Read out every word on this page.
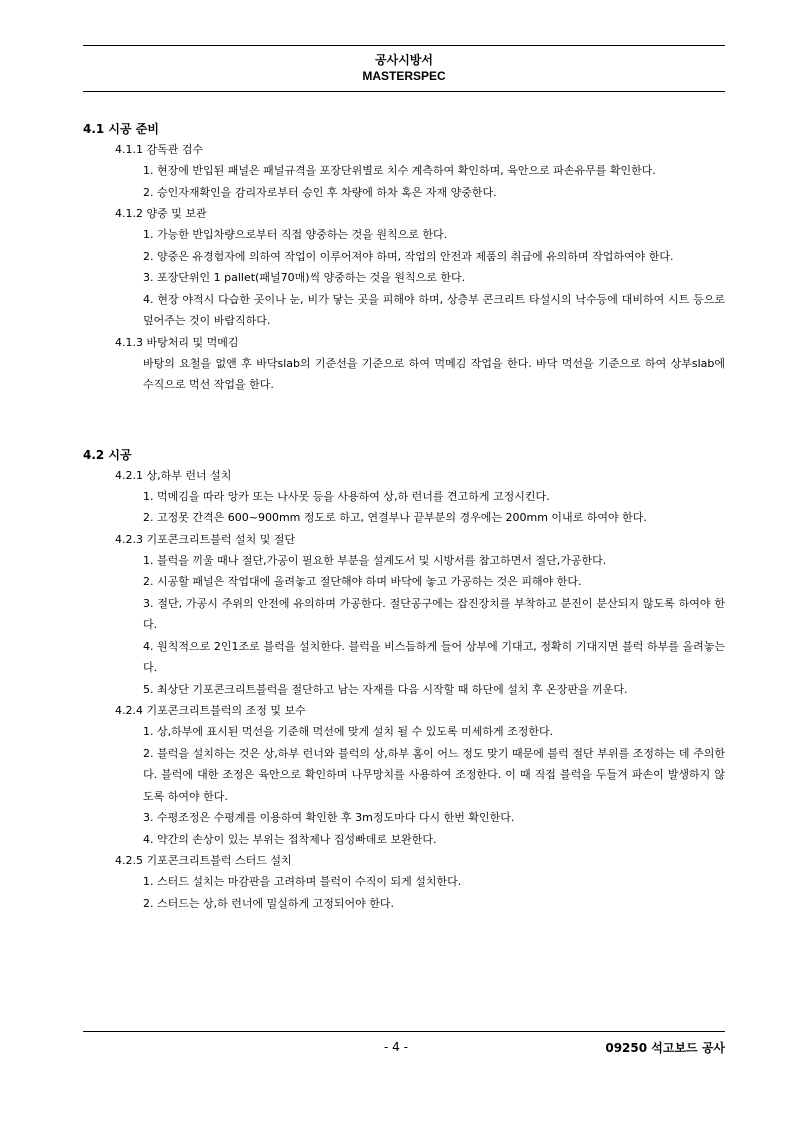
공사시방서
MASTERSPEC
4.1 시공 준비
4.1.1 감독관 검수
1. 현장에 반입된 패널은 패널규격을 포장단위별로 치수 계측하여 확인하며, 육안으로 파손유무를 확인한다.
2. 승인자재확인을 감리자로부터 승인 후 차량에 하차 혹은 자재 양중한다.
4.1.2 양중 및 보관
1. 가능한 반입차량으로부터 직접 양중하는 것을 원칙으로 한다.
2. 양중은 유경험자에 의하여 작업이 이루어져야 하며, 작업의 안전과 제품의 취급에 유의하며 작업하여야 한다.
3. 포장단위인 1 pallet(패널70매)씩 양중하는 것을 원칙으로 한다.
4. 현장 야적시 다습한 곳이나 눈, 비가 닿는 곳을 피해야 하며, 상층부 콘크리트 타설시의 낙수등에 대비하여 시트 등으로 덮어주는 것이 바람직하다.
4.1.3 바탕처리 및 먹메김
바탕의 요철을 없앤 후 바닥slab의 기준선을 기준으로 하여 먹메김 작업을 한다. 바닥 먹선을 기준으로 하여 상부slab에 수직으로 먹선 작업을 한다.
4.2 시공
4.2.1 상,하부 런너 설치
1. 먹메김을 따라 앙카 또는 나사못 등을 사용하여 상,하 런너를 견고하게 고정시킨다.
2. 고정못 간격은 600~900mm 정도로 하고, 연결부나 끝부분의 경우에는 200mm 이내로 하여야 한다.
4.2.3 기포콘크리트블럭 설치 및 절단
1. 블럭을 끼울 때나 절단,가공이 필요한 부분을 설계도서 및 시방서를 참고하면서 절단,가공한다.
2. 시공할 패널은 작업대에 올려놓고 절단해야 하며 바닥에 놓고 가공하는 것은 피해야 한다.
3. 절단, 가공시 주위의 안전에 유의하며 가공한다. 절단공구에는 잡진장치를 부착하고 분진이 분산되지 않도록 하여야 한다.
4. 원칙적으로 2인1조로 블럭을 설치한다. 블럭을 비스듬하게 들어 상부에 기대고, 정확히 기대지면 블럭 하부를 올려놓는다.
5. 최상단 기포콘크리트블럭을 절단하고 남는 자재를 다음 시작할 때 하단에 설치 후 온장판을 끼운다.
4.2.4 기포콘크리트블럭의 조정 및 보수
1. 상,하부에 표시된 먹선을 기준해 먹선에 맞게 설치 될 수 있도록 미세하게 조정한다.
2. 블럭을 설치하는 것은 상,하부 런너와 블럭의 상,하부 홈이 어느 정도 맞기 때문에 블럭 절단 부위를 조정하는 데 주의한다. 블럭에 대한 조정은 육안으로 확인하며 나무망치를 사용하여 조정한다. 이 때 직접 블럭을 두들겨 파손이 발생하지 않도록 하여야 한다.
3. 수평조정은 수평계를 이용하여 확인한 후 3m정도마다 다시 한번 확인한다.
4. 약간의 손상이 있는 부위는 접착제나 집성빠데로 보완한다.
4.2.5 기포콘크리트블럭 스터드 설치
1. 스터드 설치는 마감판을 고려하며 블럭이 수직이 되게 설치한다.
2. 스터드는 상,하 런너에 밀실하게 고정되어야 한다.
- 4 -	09250 석고보드 공사
